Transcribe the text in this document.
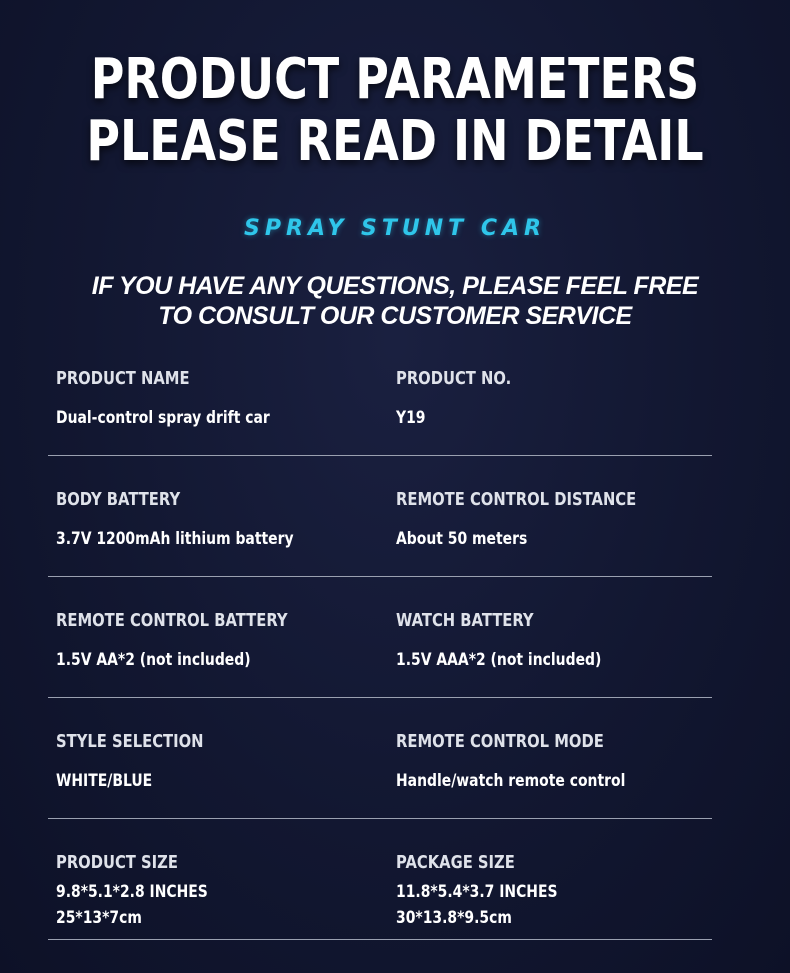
PRODUCT PARAMETERS
PLEASE READ IN DETAIL
SPRAY STUNT CAR
IF YOU HAVE ANY QUESTIONS, PLEASE FEEL FREE
TO CONSULT OUR CUSTOMER SERVICE
PRODUCT NAME
Dual-control spray drift car
PRODUCT NO.
Y19
BODY BATTERY
3.7V 1200mAh lithium battery
REMOTE CONTROL DISTANCE
About 50 meters
REMOTE CONTROL BATTERY
1.5V AA*2 (not included)
WATCH BATTERY
1.5V AAA*2 (not included)
STYLE SELECTION
WHITE/BLUE
REMOTE CONTROL MODE
Handle/watch remote control
PRODUCT SIZE
9.8*5.1*2.8 INCHES
25*13*7cm
PACKAGE SIZE
11.8*5.4*3.7 INCHES
30*13.8*9.5cm
